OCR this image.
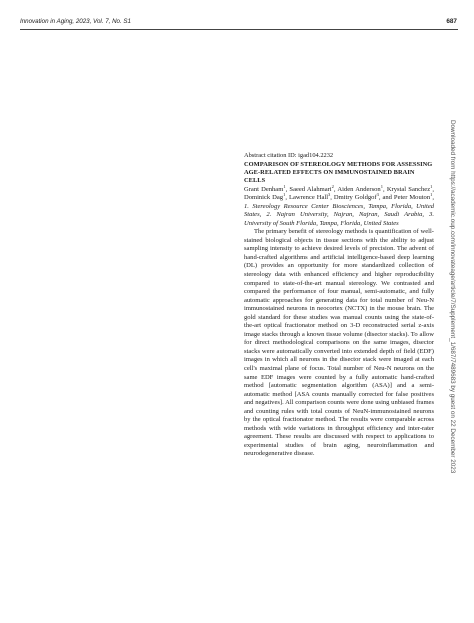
Innovation in Aging, 2023, Vol. 7, No. S1	687
Abstract citation ID: igad104.2232
COMPARISON OF STEREOLOGY METHODS FOR ASSESSING AGE-RELATED EFFECTS ON IMMUNOSTAINED BRAIN CELLS
Grant Denham$^1$, Saeed Alahmari$^2$, Aiden Anderson$^1$, Krystal Sanchez$^1$, Dominick Dag$^1$, Lawrence Hall$^3$, Dmitry Goldgof$^3$, and Peter Mouton$^1$, 1. Stereology Resource Center Biosciences, Tampa, Florida, United States, 2. Najran University, Najran, Najran, Saudi Arabia, 3. University of South Florida, Tampa, Florida, United States

The primary benefit of stereology methods is quantification of well-stained biological objects in tissue sections with the ability to adjust sampling intensity to achieve desired levels of precision. The advent of hand-crafted algorithms and artificial intelligence-based deep learning (DL) provides an opportunity for more standardized collection of stereology data with enhanced efficiency and higher reproducibility compared to state-of-the-art manual stereology. We contrasted and compared the performance of four manual, semi-automatic, and fully automatic approaches for generating data for total number of Neu-N immunostained neurons in neocortex (NCTX) in the mouse brain. The gold standard for these studies was manual counts using the state-of-the-art optical fractionator method on 3-D reconstructed serial z-axis image stacks through a known tissue volume (disector stacks). To allow for direct methodological comparisons on the same images, disector stacks were automatically converted into extended depth of field (EDF) images in which all neurons in the disector stack were imaged at each cell's maximal plane of focus. Total number of Neu-N neurons on the same EDF images were counted by a fully automatic hand-crafted method [automatic segmentation algorithm (ASA)] and a semi-automatic method [ASA counts manually corrected for false positives and negatives]. All comparison counts were done using unbiased frames and counting rules with total counts of NeuN-immunostained neurons by the optical fractionator method. The results were comparable across methods with wide variations in throughput efficiency and inter-rater agreement. These results are discussed with respect to applications to experimental studies of brain aging, neuroinflammation and neurodegenerative disease.	Downloaded from https://academic.oup.com/innovateage/article/7/Supplement_1/687/7489683 by guest on 22 December 2023
